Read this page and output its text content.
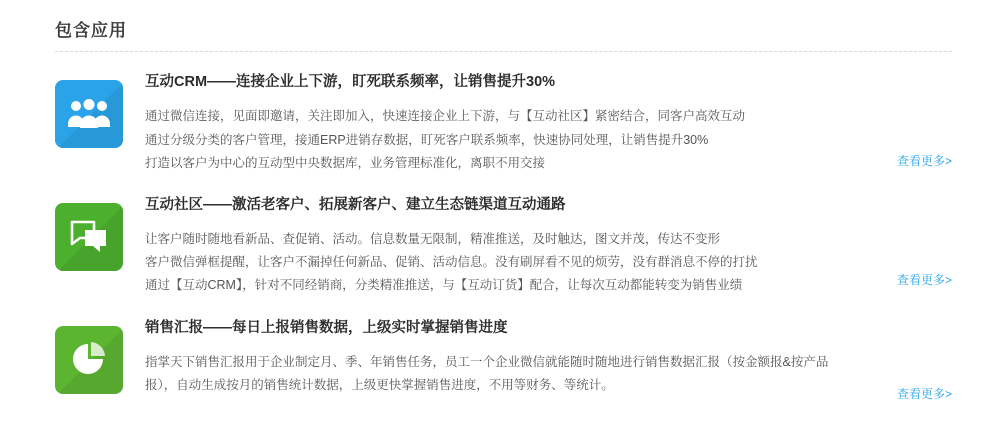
包含应用
互动CRM——连接企业上下游，盯死联系频率，让销售提升30%

通过微信连接，见面即邀请，关注即加入，快速连接企业上下游，与【互动社区】紧密结合，同客户高效互动

通过分级分类的客户管理，接通ERP进销存数据，盯死客户联系频率，快速协同处理，让销售提升30%

打造以客户为中心的互动型中央数据库，业务管理标准化，离职不用交接	查看更多>
互动社区——激活老客户、拓展新客户、建立生态链渠道互动通路

让客户随时随地看新品、查促销、活动。信息数量无限制，精准推送，及时触达，图文并茂，传达不变形

客户微信弹框提醒，让客户不漏掉任何新品、促销、活动信息。没有刷屏看不见的烦劳，没有群消息不停的打扰

通过【互动CRM】，针对不同经销商，分类精准推送，与【互动订货】配合，让每次互动都能转变为销售业绩	查看更多>
销售汇报——每日上报销售数据，上级实时掌握销售进度

指掌天下销售汇报用于企业制定月、季、年销售任务，员工一个企业微信就能随时随地进行销售数据汇报（按金额报&按产品报），自动生成按月的销售统计数据，上级更快掌握销售进度，不用等财务、等统计。

查看更多>
